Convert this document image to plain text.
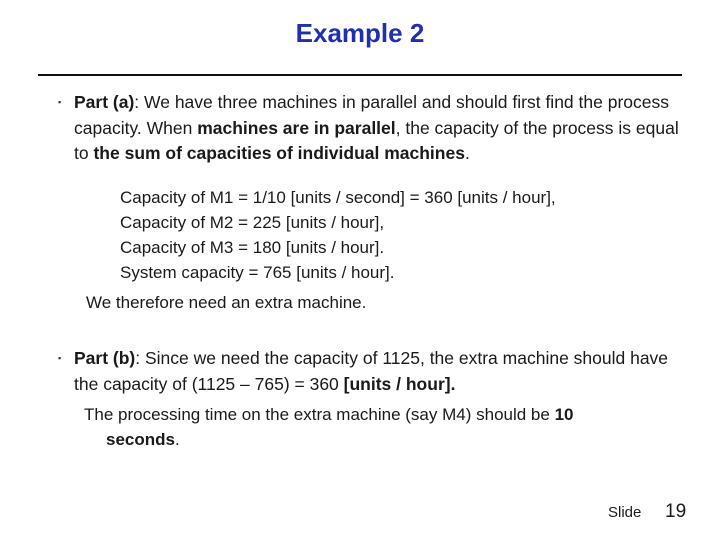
Example 2
▪ Part (a): We have three machines in parallel and should first find the process capacity. When machines are in parallel, the capacity of the process is equal to the sum of capacities of individual machines.

Capacity of M1 = 1/10 [units / second] = 360 [units / hour],
Capacity of M2 = 225 [units / hour],
Capacity of M3 = 180 [units / hour].
System capacity = 765 [units / hour].
We therefore need an extra machine.
▪ Part (b): Since we need the capacity of 1125, the extra machine should have the capacity of (1125 – 765) = 360 [units / hour].

The processing time on the extra machine (say M4) should be 10
seconds.
Slide 19
